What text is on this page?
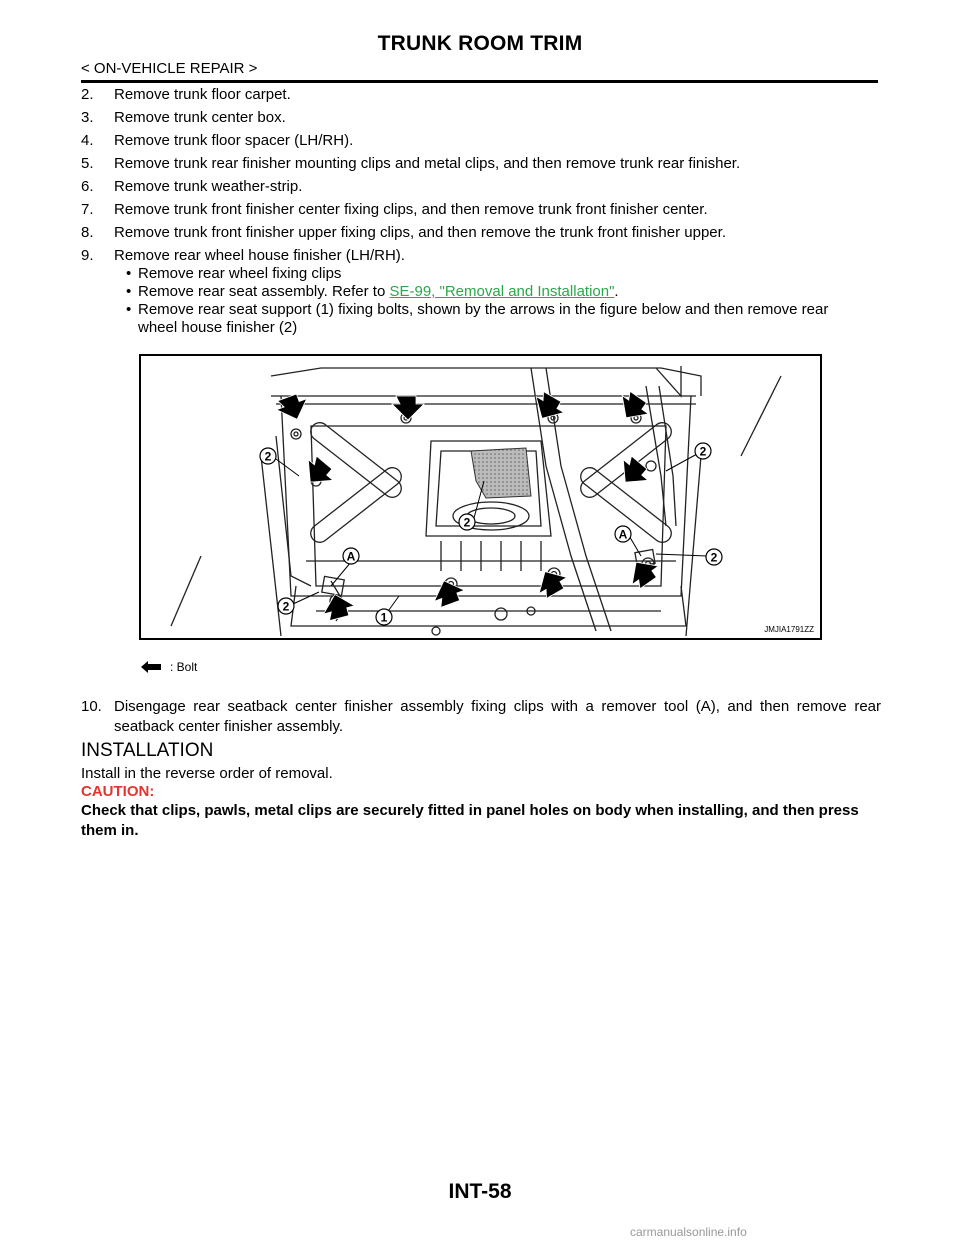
TRUNK ROOM TRIM
< ON-VEHICLE REPAIR >
2. Remove trunk floor carpet.
3. Remove trunk center box.
4. Remove trunk floor spacer (LH/RH).
5. Remove trunk rear finisher mounting clips and metal clips, and then remove trunk rear finisher.
6. Remove trunk weather-strip.
7. Remove trunk front finisher center fixing clips, and then remove trunk front finisher center.
8. Remove trunk front finisher upper fixing clips, and then remove the trunk front finisher upper.
9. Remove rear wheel house finisher (LH/RH).
• Remove rear wheel fixing clips
• Remove rear seat assembly. Refer to SE-99, "Removal and Installation".
• Remove rear seat support (1) fixing bolts, shown by the arrows in the figure below and then remove rear
wheel house finisher (2)
2
2
2
2
2
A
A
1
JMJIA1791ZZ
: Bolt
10. Disengage rear seatback center finisher assembly fixing clips with a remover tool (A), and then remove rear seatback center finisher assembly.
INSTALLATION
Install in the reverse order of removal.
CAUTION:
Check that clips, pawls, metal clips are securely fitted in panel holes on body when installing, and then press them in.
INT-58
carmanualsonline.info
